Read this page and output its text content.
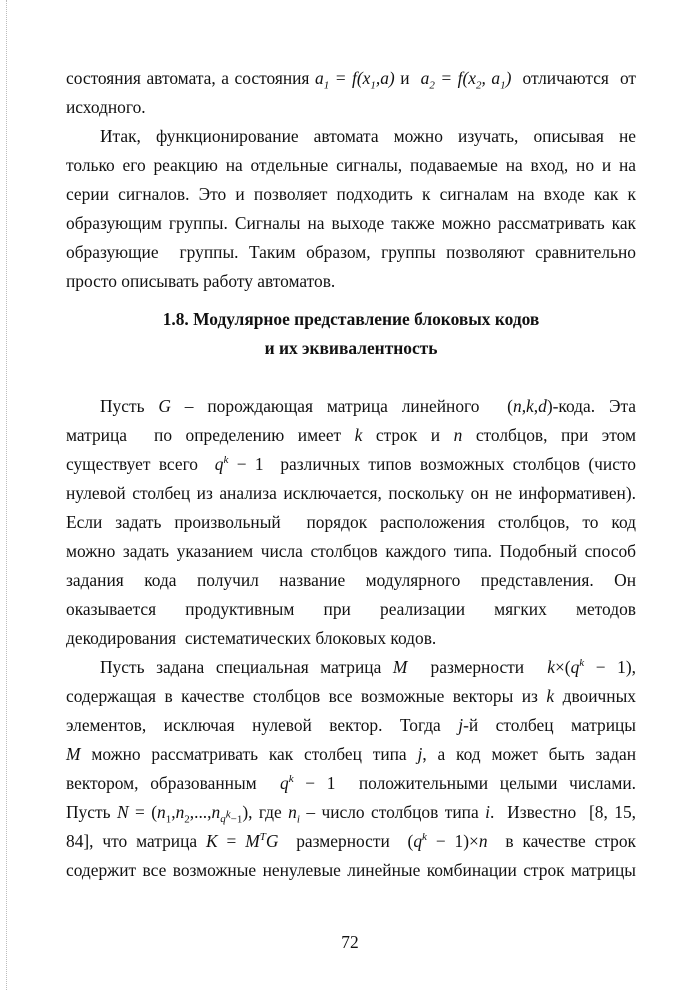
состояния автомата, а состояния $a_1 = f(x_1,a)$ и  $a_2 = f(x_2$, $a_1$)  отличаются  от
исходного.
Итак, функционирование автомата можно изучать, описывая не
только его реакцию на отдельные сигналы, подаваемые на вход, но и на
серии сигналов. Это и позволяет подходить к сигналам на входе как к
образующим группы. Сигналы на выходе также можно рассматривать как
образующие  группы. Таким образом, группы позволяют сравнительно
просто описывать работу автоматов.
Пусть G – порождающая матрица линейного  (n,k,d)-кода. Эта
матрица  по определению имеет k строк и n столбцов, при этом
существует всего  $q^k - 1$  различных типов возможных столбцов (чисто
нулевой столбец из анализа исключается, поскольку он не информативен).
Если задать произвольный  порядок расположения столбцов, то код
можно задать указанием числа столбцов каждого типа. Подобный способ
задания кода получил название модулярного представления. Он
оказывается продуктивным при реализации мягких методов
декодирования  систематических блоковых кодов.
Пусть задана специальная матрица M  размерности  $k\times(q^k - 1)$,
содержащая в качестве столбцов все возможные векторы из k двоичных
элементов, исключая нулевой вектор. Тогда j-й столбец матрицы
M можно рассматривать как столбец типа j, а код может быть задан
вектором, образованным  $q^k - 1$  положительными целыми числами.
Пусть $N = (n_1,n_2,...,n_{q^k-1})$, где $n_i$ – число столбцов типа i.  Известно  [8, 15,
84], что матрица $K = M^TG$  размерности  $(q^k - 1)\times n$  в качестве строк
содержит все возможные ненулевые линейные комбинации строк матрицы
1.8. Модулярное представление блоковых кодов
и их эквивалентность
72
